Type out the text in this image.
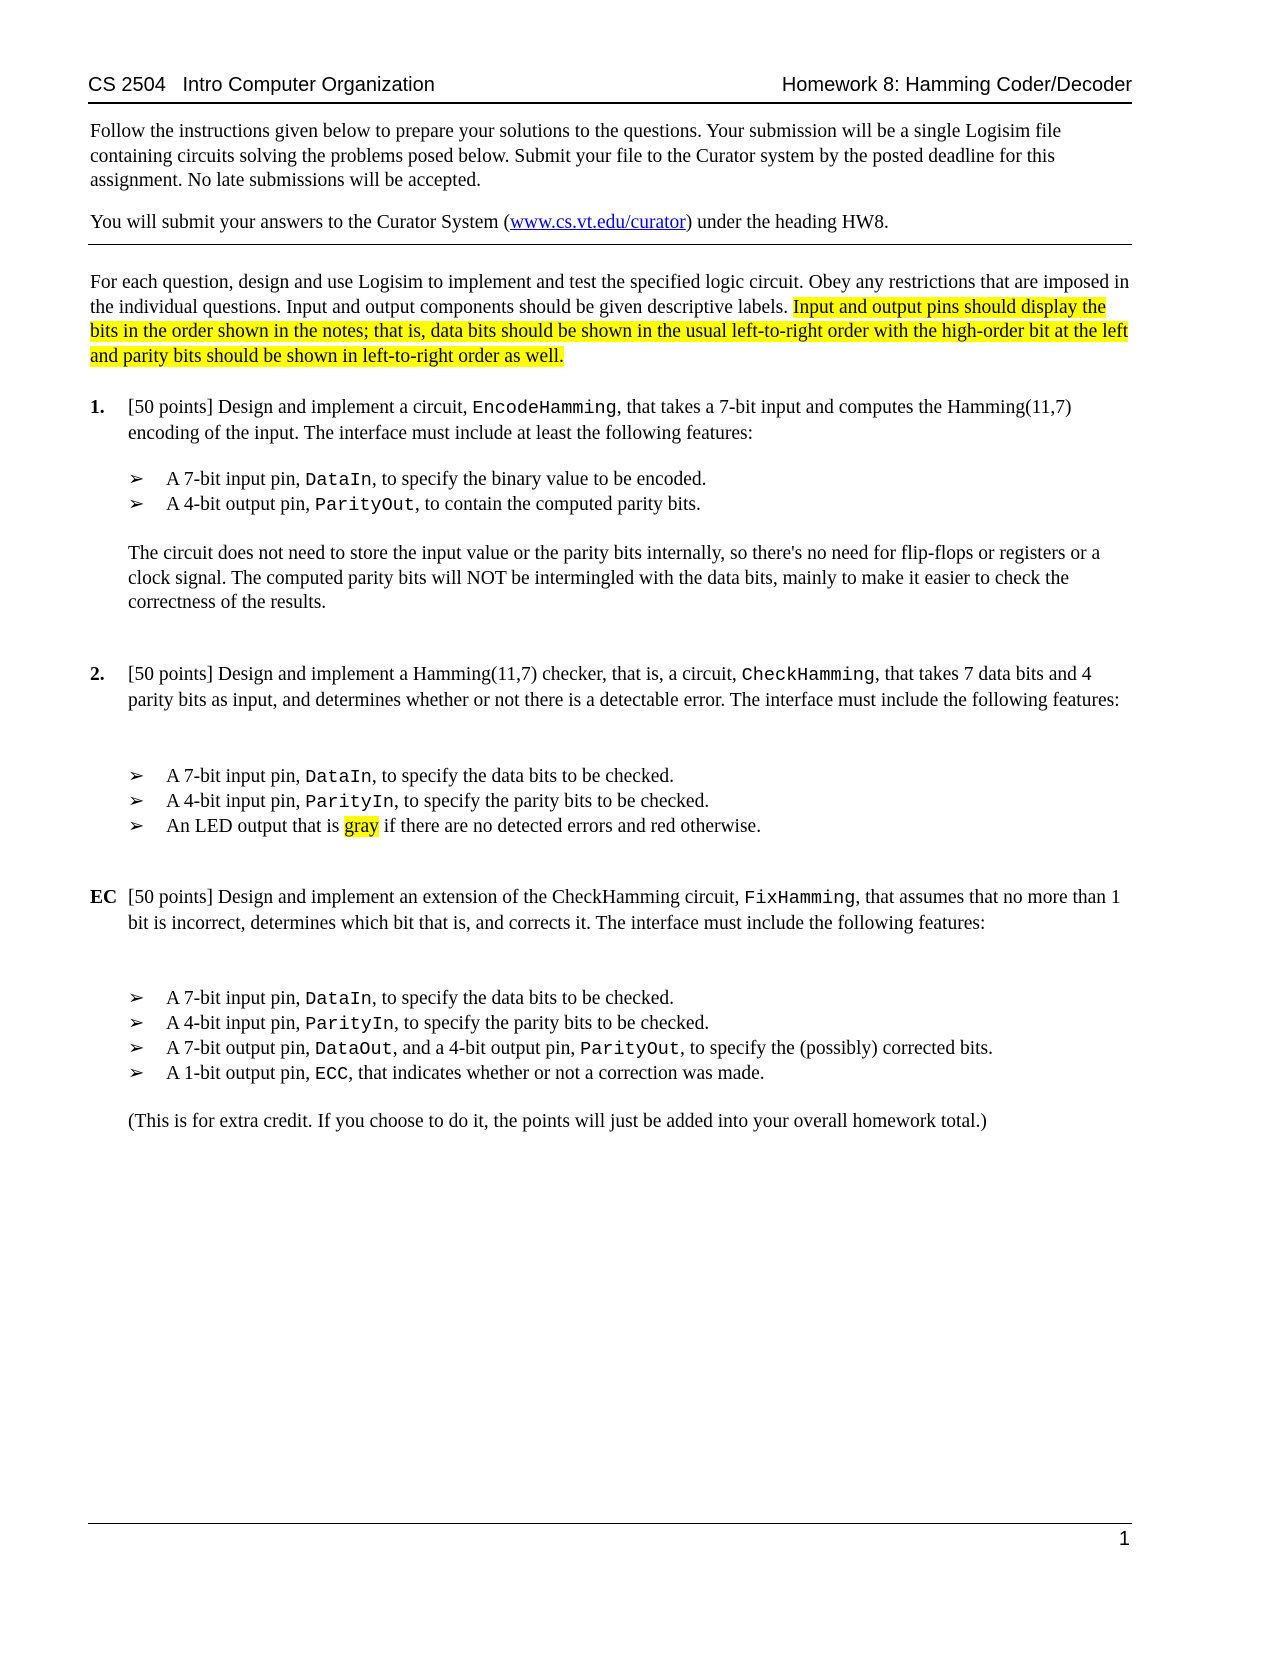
CS 2504   Intro Computer Organization	Homework 8: Hamming Coder/Decoder

Follow the instructions given below to prepare your solutions to the questions. Your submission will be a single Logisim file containing circuits solving the problems posed below. Submit your file to the Curator system by the posted deadline for this assignment. No late submissions will be accepted.

You will submit your answers to the Curator System (www.cs.vt.edu/curator) under the heading HW8.

For each question, design and use Logisim to implement and test the specified logic circuit. Obey any restrictions that are imposed in the individual questions. Input and output components should be given descriptive labels. Input and output pins should display the bits in the order shown in the notes; that is, data bits should be shown in the usual left-to-right order with the high-order bit at the left and parity bits should be shown in left-to-right order as well.

1. [50 points] Design and implement a circuit, EncodeHamming, that takes a 7-bit input and computes the Hamming(11,7) encoding of the input. The interface must include at least the following features:
➢ A 7-bit input pin, DataIn, to specify the binary value to be encoded.
➢ A 4-bit output pin, ParityOut, to contain the computed parity bits.

The circuit does not need to store the input value or the parity bits internally, so there's no need for flip-flops or registers or a clock signal. The computed parity bits will NOT be intermingled with the data bits, mainly to make it easier to check the correctness of the results.

2. [50 points] Design and implement a Hamming(11,7) checker, that is, a circuit, CheckHamming, that takes 7 data bits and 4 parity bits as input, and determines whether or not there is a detectable error. The interface must include the following features:
➢ A 7-bit input pin, DataIn, to specify the data bits to be checked.
➢ A 4-bit input pin, ParityIn, to specify the parity bits to be checked.
➢ An LED output that is gray if there are no detected errors and red otherwise.
EC [50 points] Design and implement an extension of the CheckHamming circuit, FixHamming, that assumes that no more than 1 bit is incorrect, determines which bit that is, and corrects it. The interface must include the following features:
➢ A 7-bit input pin, DataIn, to specify the data bits to be checked.
➢ A 4-bit input pin, ParityIn, to specify the parity bits to be checked.
➢ A 7-bit output pin, DataOut, and a 4-bit output pin, ParityOut, to specify the (possibly) corrected bits.
➢ A 1-bit output pin, ECC, that indicates whether or not a correction was made.

(This is for extra credit. If you choose to do it, the points will just be added into your overall homework total.)

1
